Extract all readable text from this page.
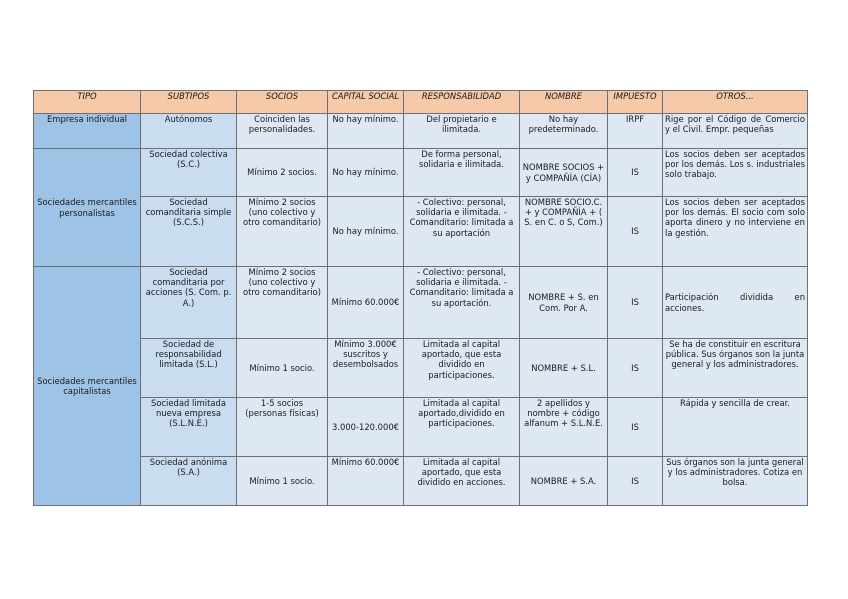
TIPO	SUBTIPOS	SOCIOS	CAPITAL SOCIAL	RESPONSABILIDAD	NOMBRE	IMPUESTO	OTROS...
Empresa individual	Autónomos	Coinciden las personalidades.	No hay mínimo.	Del propietario e ilimitada.	No hay predeterminado.	IRPF	Rige por el Código de Comercio y el Civil. Empr. pequeñas
Sociedades mercantiles personalistas	Sociedad colectiva (S.C.)	Mínimo 2 socios.	No hay mínimo.	De forma personal, solidaria e ilimitada.	NOMBRE SOCIOS + y COMPAÑÍA (CÍA)	IS	Los socios deben ser aceptados por los demás. Los s. industriales solo trabajo.
	Sociedad comanditaria simple (S.C.S.)	Mínimo 2 socios (uno colectivo y otro comanditario)	No hay mínimo.	- Colectivo: personal, solidaria e ilimitada. - Comanditario: limitada a su aportación	NOMBRE SOCIO.C. + y COMPAÑÍA + ( S. en C. o S, Com.)	IS	Los socios deben ser aceptados por los demás. El socio com solo aporta dinero y no interviene en la gestión.
Sociedades mercantiles capitalistas	Sociedad comanditaria por acciones (S. Com. p. A.)	Mínimo 2 socios (uno colectivo y otro comanditario)	Mínimo 60.000€	- Colectivo: personal, solidaria e ilimitada. - Comanditario: limitada a su aportación.	NOMBRE + S. en Com. Por A.	IS	Participación dividida en acciones.
	Sociedad de responsabilidad limitada (S.L.)	Mínimo 1 socio.	Mínimo 3.000€ suscritos y desembolsados	Limitada al capital aportado, que esta dividido en participaciones.	NOMBRE + S.L.	IS	Se ha de constituir en escritura pública. Sus órganos son la junta general y los administradores.
	Sociedad limitada nueva empresa (S.L.N.E.)	1-5 socios (personas físicas)	3.000-120.000€	Limitada al capital aportado,dividido en participaciones.	2 apellidos y nombre + código alfanum + S.L.N.E.	IS	Rápida y sencilla de crear.
	Sociedad anónima (S.A.)	Mínimo 1 socio.	Mínimo 60.000€	Limitada al capital aportado, que esta dividido en acciones.	NOMBRE + S.A.	IS	Sus órganos son la junta general y los administradores. Cotiza en bolsa.
